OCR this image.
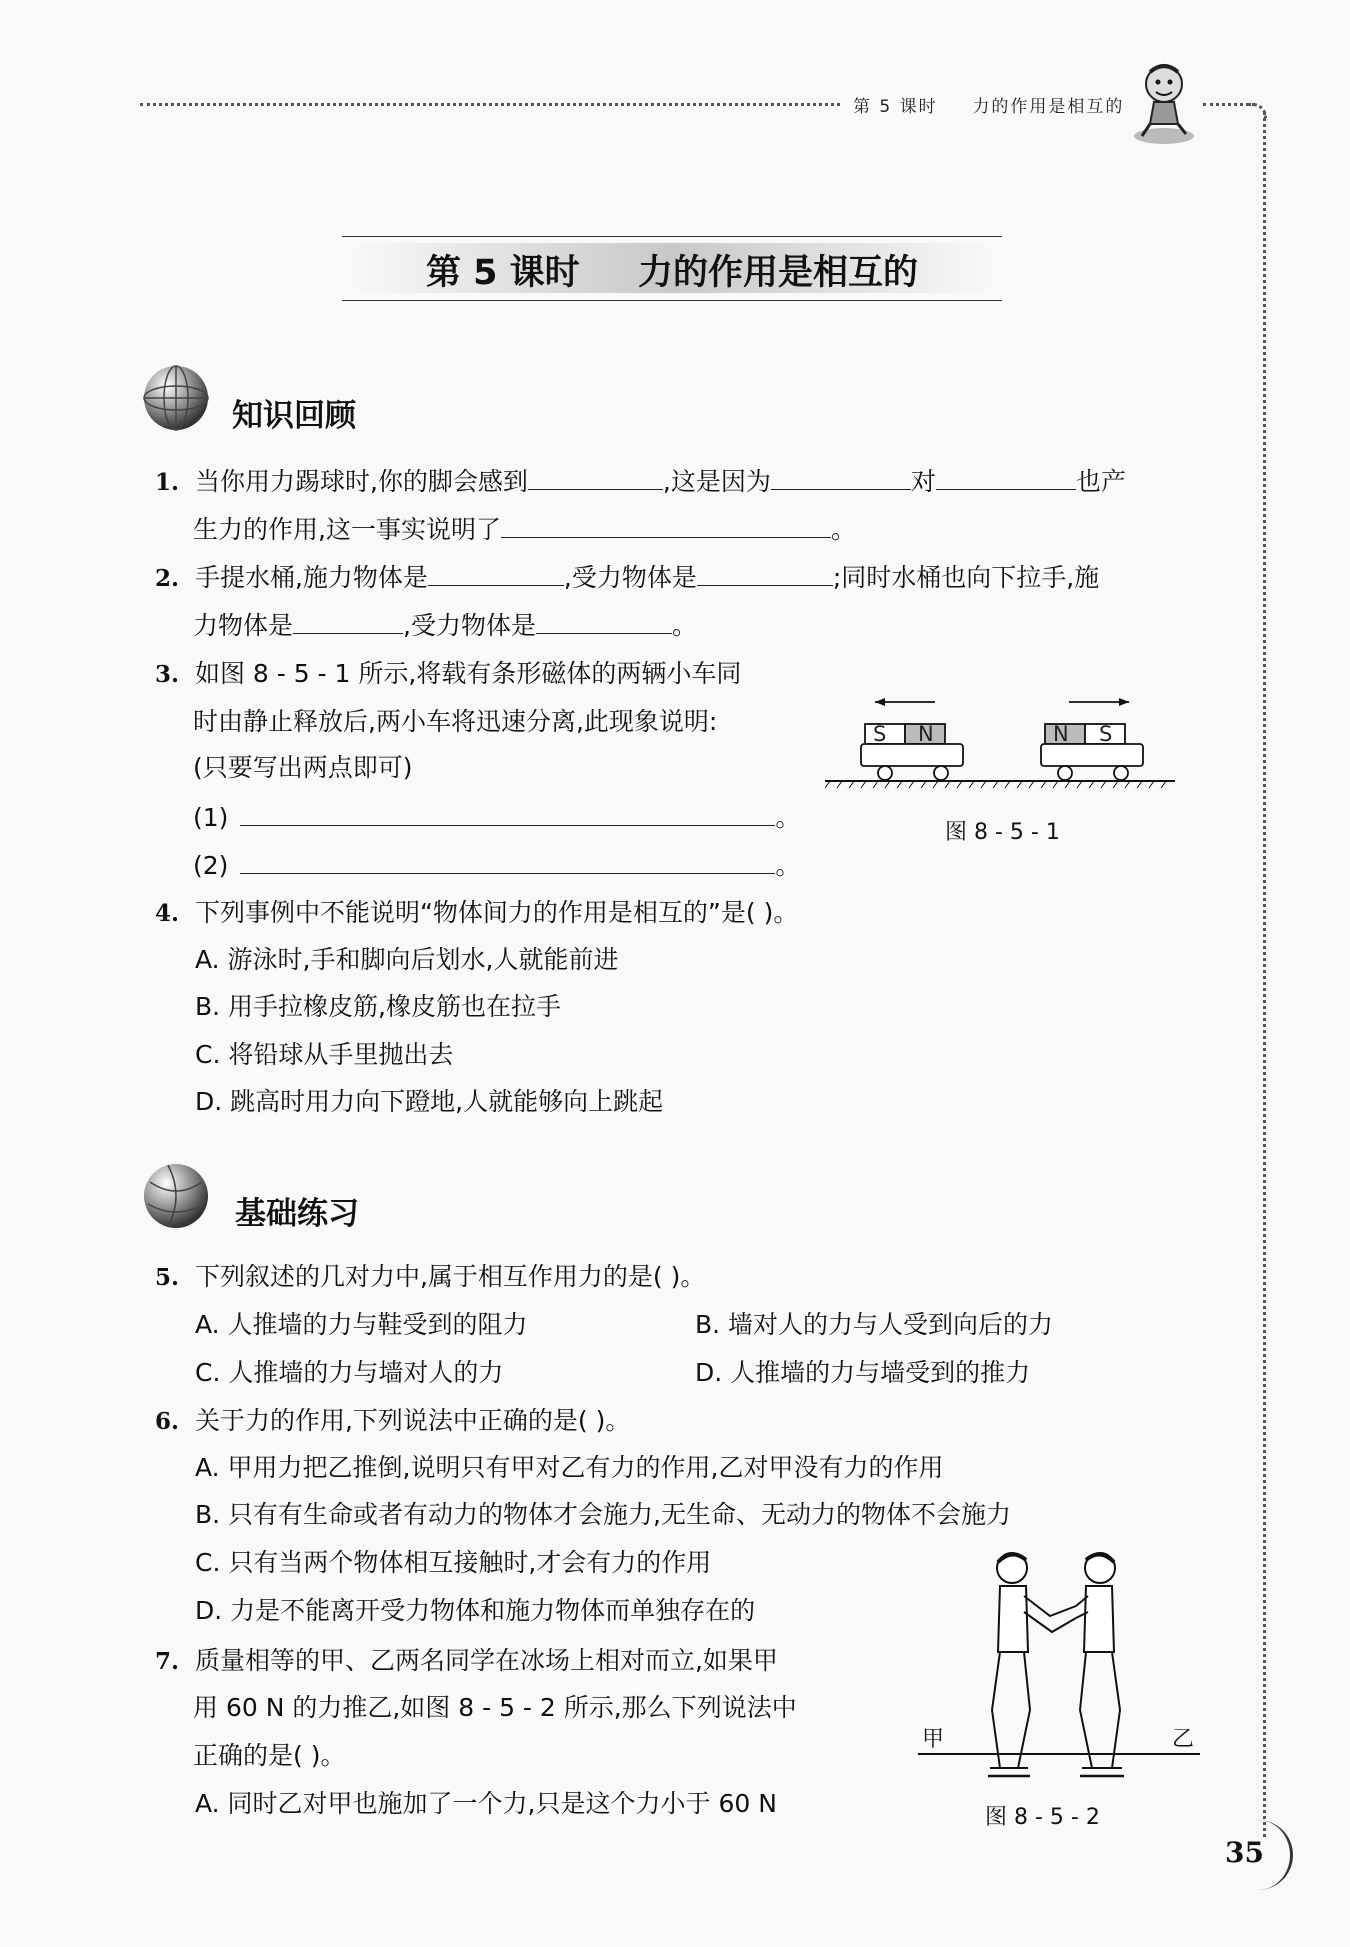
第 5 课时 力的作用是相互的
第 5 课时 力的作用是相互的
知识回顾
1. 当你用力踢球时,你的脚会感到	,这是因为	对	也产
生力的作用,这一事实说明了	。
2. 手提水桶,施力物体是	,受力物体是	;同时水桶也向下拉手,施
力物体是	,受力物体是	。
3. 如图 8 - 5 - 1 所示,将载有条形磁体的两辆小车同
时由静止释放后,两小车将迅速分离,此现象说明:
(只要写出两点即可)
(1)	。
(2)	。
S N	N S
图 8 - 5 - 1
4. 下列事例中不能说明“物体间力的作用是相互的”是( )。
A. 游泳时,手和脚向后划水,人就能前进
B. 用手拉橡皮筋,橡皮筋也在拉手
C. 将铅球从手里抛出去
D. 跳高时用力向下蹬地,人就能够向上跳起
基础练习
5. 下列叙述的几对力中,属于相互作用力的是( )。
A. 人推墙的力与鞋受到的阻力	B. 墙对人的力与人受到向后的力
C. 人推墙的力与墙对人的力	D. 人推墙的力与墙受到的推力
6. 关于力的作用,下列说法中正确的是( )。
A. 甲用力把乙推倒,说明只有甲对乙有力的作用,乙对甲没有力的作用
B. 只有有生命或者有动力的物体才会施力,无生命、无动力的物体不会施力
C. 只有当两个物体相互接触时,才会有力的作用
D. 力是不能离开受力物体和施力物体而单独存在的
7. 质量相等的甲、乙两名同学在冰场上相对而立,如果甲
用 60 N 的力推乙,如图 8 - 5 - 2 所示,那么下列说法中
正确的是( )。
A. 同时乙对甲也施加了一个力,只是这个力小于 60 N
甲	乙
图 8 - 5 - 2
35
